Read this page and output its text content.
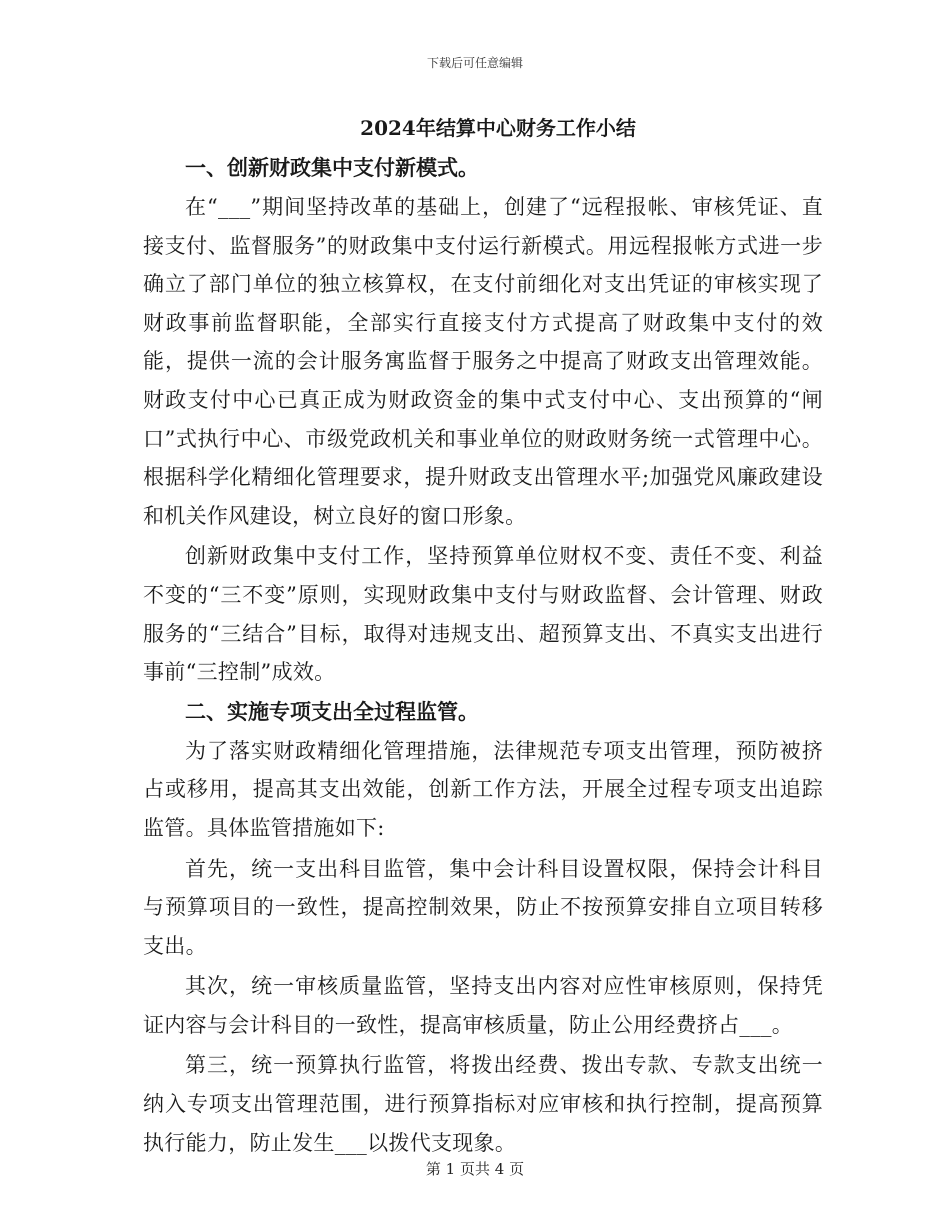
下载后可任意编辑
2024年结算中心财务工作小结
一、创新财政集中支付新模式。

在“___”期间坚持改革的基础上，创建了“远程报帐、审核凭证、直接支付、监督服务”的财政集中支付运行新模式。用远程报帐方式进一步确立了部门单位的独立核算权，在支付前细化对支出凭证的审核实现了财政事前监督职能，全部实行直接支付方式提高了财政集中支付的效能，提供一流的会计服务寓监督于服务之中提高了财政支出管理效能。财政支付中心已真正成为财政资金的集中式支付中心、支出预算的“闸口”式执行中心、市级党政机关和事业单位的财政财务统一式管理中心。根据科学化精细化管理要求，提升财政支出管理水平;加强党风廉政建设和机关作风建设，树立良好的窗口形象。

创新财政集中支付工作，坚持预算单位财权不变、责任不变、利益不变的“三不变”原则，实现财政集中支付与财政监督、会计管理、财政服务的“三结合”目标，取得对违规支出、超预算支出、不真实支出进行事前“三控制”成效。

二、实施专项支出全过程监管。

为了落实财政精细化管理措施，法律规范专项支出管理，预防被挤占或移用，提高其支出效能，创新工作方法，开展全过程专项支出追踪监管。具体监管措施如下:

首先，统一支出科目监管，集中会计科目设置权限，保持会计科目与预算项目的一致性，提高控制效果，防止不按预算安排自立项目转移支出。

其次，统一审核质量监管，坚持支出内容对应性审核原则，保持凭证内容与会计科目的一致性，提高审核质量，防止公用经费挤占___。

第三，统一预算执行监管，将拨出经费、拨出专款、专款支出统一纳入专项支出管理范围，进行预算指标对应审核和执行控制，提高预算执行能力，防止发生___以拨代支现象。

第 1 页共 4 页
